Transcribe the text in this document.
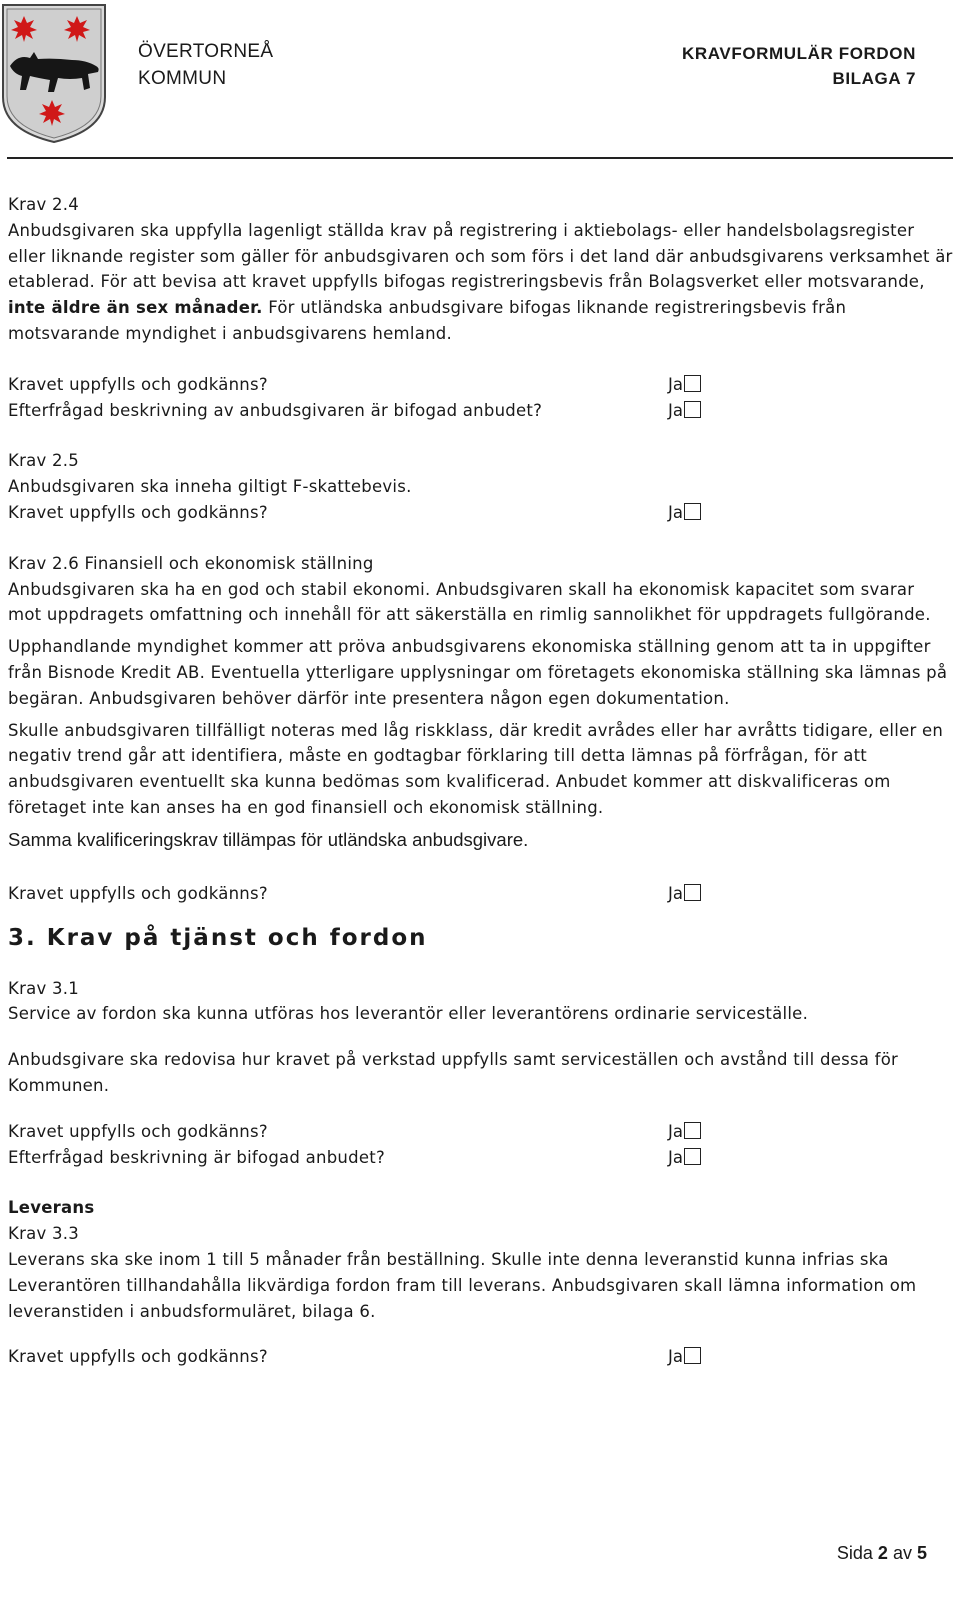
ÖVERTORNEÅ
KOMMUN
KRAVFORMULÄR FORDON
BILAGA 7

Krav 2.4

Anbudsgivaren ska uppfylla lagenligt ställda krav på registrering i aktiebolags- eller handelsbolagsregister eller liknande register som gäller för anbudsgivaren och som förs i det land där anbudsgivarens verksamhet är etablerad. För att bevisa att kravet uppfylls bifogas registreringsbevis från Bolagsverket eller motsvarande, inte äldre än sex månader. För utländska anbudsgivare bifogas liknande registreringsbevis från motsvarande myndighet i anbudsgivarens hemland.

Kravet uppfylls och godkänns?	Ja
Efterfrågad beskrivning av anbudsgivaren är bifogad anbudet?	Ja

Krav 2.5

Anbudsgivaren ska inneha giltigt F-skattebevis.

Kravet uppfylls och godkänns?	Ja

Krav 2.6 Finansiell och ekonomisk ställning

Anbudsgivaren ska ha en god och stabil ekonomi. Anbudsgivaren skall ha ekonomisk kapacitet som svarar mot uppdragets omfattning och innehåll för att säkerställa en rimlig sannolikhet för uppdragets fullgörande.

Upphandlande myndighet kommer att pröva anbudsgivarens ekonomiska ställning genom att ta in uppgifter från Bisnode Kredit AB. Eventuella ytterligare upplysningar om företagets ekonomiska ställning ska lämnas på begäran. Anbudsgivaren behöver därför inte presentera någon egen dokumentation.

Skulle anbudsgivaren tillfälligt noteras med låg riskklass, där kredit avrådes eller har avråtts tidigare, eller en negativ trend går att identifiera, måste en godtagbar förklaring till detta lämnas på förfrågan, för att anbudsgivaren eventuellt ska kunna bedömas som kvalificerad. Anbudet kommer att diskvalificeras om företaget inte kan anses ha en god finansiell och ekonomisk ställning.

Samma kvalificeringskrav tillämpas för utländska anbudsgivare.

Kravet uppfylls och godkänns?	Ja

3. Krav på tjänst och fordon

Krav 3.1

Service av fordon ska kunna utföras hos leverantör eller leverantörens ordinarie serviceställe.

Anbudsgivare ska redovisa hur kravet på verkstad uppfylls samt serviceställen och avstånd till dessa för Kommunen.

Kravet uppfylls och godkänns?	Ja
Efterfrågad beskrivning är bifogad anbudet?	Ja

Leverans

Krav 3.3

Leverans ska ske inom 1 till 5 månader från beställning. Skulle inte denna leveranstid kunna infrias ska Leverantören tillhandahålla likvärdiga fordon fram till leverans. Anbudsgivaren skall lämna information om leveranstiden i anbudsformuläret, bilaga 6.

Kravet uppfylls och godkänns?	Ja
Sida 2 av 5
